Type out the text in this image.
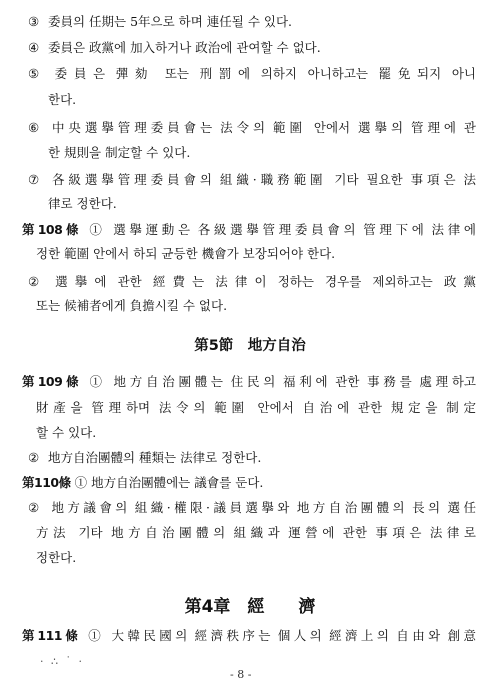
③ 委員의 任期는 5年으로 하며 連任될 수 있다.
④ 委員은 政黨에 加入하거나 政治에 관여할 수 없다.
⑤ 委員은 彈劾 또는 刑罰에 의하지 아니하고는 罷免되지 아니
한다.
⑥ 中央選擧管理委員會는 法令의 範圍 안에서 選擧의 管理에 관
한 規則을 制定할 수 있다.
⑦ 各級選擧管理委員會의 組織·職務範圍 기타 필요한 事項은 法
律로 정한다.
第108條 ① 選擧運動은 各級選擧管理委員會의 管理下에 法律에
정한 範圍 안에서 하되 균등한 機會가 보장되어야 한다.
② 選擧에 관한 經費는 法律이 정하는 경우를 제외하고는 政黨
또는 候補者에게 負擔시킬 수 없다.
第5節　地方自治
第109條 ① 地方自治團體는 住民의 福利에 관한 事務를 處理하고
財產을 管理하며 法令의 範圍 안에서 自治에 관한 規定을 制定
할 수 있다.
② 地方自治團體의 種類는 法律로 정한다.
第110條 ① 地方自治團體에는 議會를 둔다.
② 地方議會의 組織·權限·議員選擧와 地方自治團體의 長의 選任
方法 기타 地方自治團體의 組織과 運營에 관한 事項은 法律로
정한다.
第4章　經　　濟
第111條 ① 大韓民國의 經濟秩序는 個人의 經濟上의 自由와 創意
· ∴ ˙ ·
- 8 -
